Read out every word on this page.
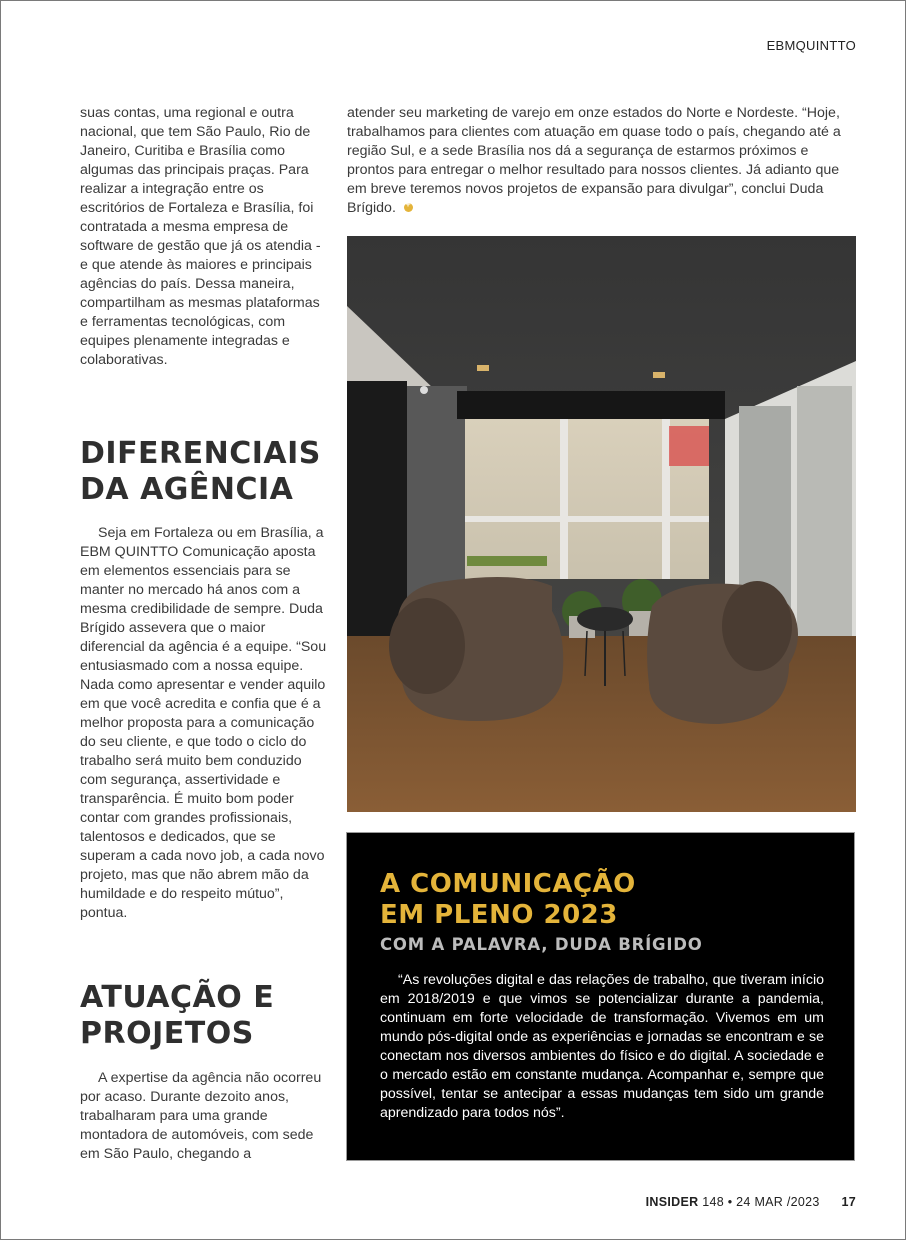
EBMQUINTTO

suas contas, uma regional e outra nacional, que tem São Paulo, Rio de Janeiro, Curitiba e Brasília como algumas das principais praças. Para realizar a integração entre os escritórios de Fortaleza e Brasília, foi contratada a mesma empresa de software de gestão que já os atendia - e que atende às maiores e principais agências do país. Dessa maneira, compartilham as mesmas plataformas e ferramentas tecnológicas, com equipes plenamente integradas e colaborativas.

DIFERENCIAIS DA AGÊNCIA

Seja em Fortaleza ou em Brasília, a EBM QUINTTO Comunicação aposta em elementos essenciais para se manter no mercado há anos com a mesma credibilidade de sempre. Duda Brígido assevera que o maior diferencial da agência é a equipe. “Sou entusiasmado com a nossa equipe. Nada como apresentar e vender aquilo em que você acredita e confia que é a melhor proposta para a comunicação do seu cliente, e que todo o ciclo do trabalho será muito bem conduzido com segurança, assertividade e transparência. É muito bom poder contar com grandes profissionais, talentosos e dedicados, que se superam a cada novo job, a cada novo projeto, mas que não abrem mão da humildade e do respeito mútuo”, pontua.

ATUAÇÃO E PROJETOS

A expertise da agência não ocorreu por acaso. Durante dezoito anos, trabalharam para uma grande montadora de automóveis, com sede em São Paulo, chegando a

atender seu marketing de varejo em onze estados do Norte e Nordeste. “Hoje, trabalhamos para clientes com atuação em quase todo o país, chegando até a região Sul, e a sede Brasília nos dá a segurança de estarmos próximos e prontos para entregar o melhor resultado para nossos clientes. Já adianto que em breve teremos novos projetos de expansão para divulgar”, conclui Duda Brígido. +
A COMUNICAÇÃO
EM PLENO 2023
COM A PALAVRA, DUDA BRÍGIDO

“As revoluções digital e das relações de trabalho, que tiveram início em 2018/2019 e que vimos se potencializar durante a pandemia, continuam em forte velocidade de transformação. Vivemos em um mundo pós-digital onde as experiências e jornadas se encontram e se conectam nos diversos ambientes do físico e do digital. A sociedade e o mercado estão em constante mudança. Acompanhar e, sempre que possível, tentar se antecipar a essas mudanças tem sido um grande aprendizado para todos nós”.

INSIDER 148 • 24 MAR /2023 17
